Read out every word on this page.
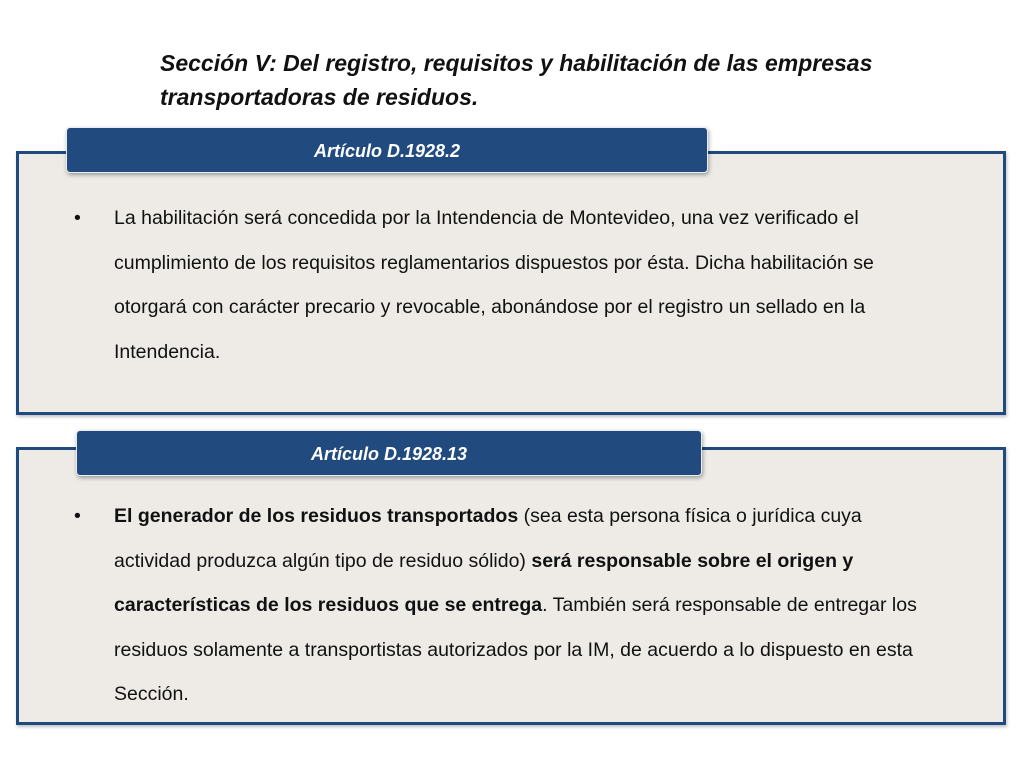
Sección V: Del registro, requisitos y habilitación de las empresas transportadoras de residuos.
Artículo D.1928.2

•	La habilitación será concedida por la Intendencia de Montevideo, una vez verificado el cumplimiento de los requisitos reglamentarios dispuestos por ésta. Dicha habilitación se otorgará con carácter precario y revocable, abonándose por el registro un sellado en la Intendencia.

Artículo D.1928.13

•	El generador de los residuos transportados (sea esta persona física o jurídica cuya actividad produzca algún tipo de residuo sólido) será responsable sobre el origen y características de los residuos que se entrega. También será responsable de entregar los residuos solamente a transportistas autorizados por la IM, de acuerdo a lo dispuesto en esta Sección.
